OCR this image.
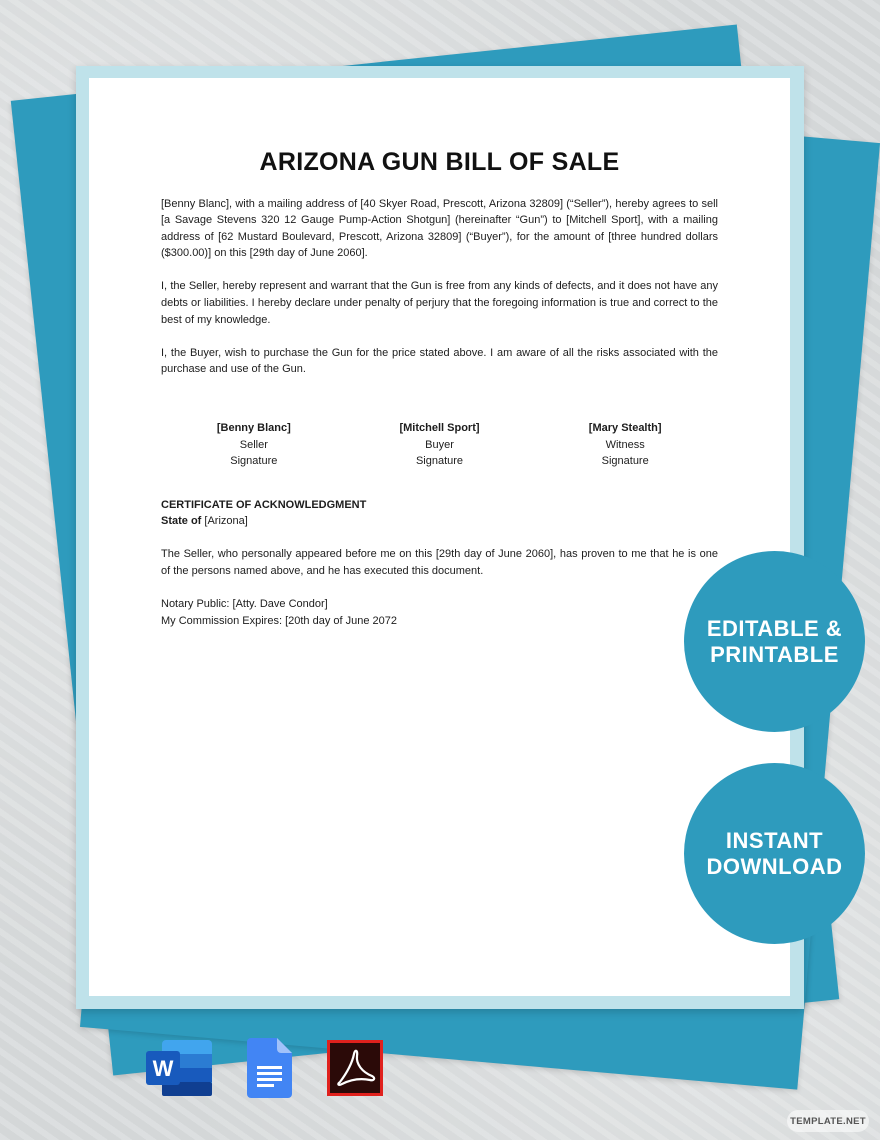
ARIZONA GUN BILL OF SALE

[Benny Blanc], with a mailing address of [40 Skyer Road, Prescott, Arizona 32809] (“Seller”), hereby agrees to sell [a Savage Stevens 320 12 Gauge Pump-Action Shotgun] (hereinafter “Gun”) to [Mitchell Sport], with a mailing address of [62 Mustard Boulevard, Prescott, Arizona 32809] (“Buyer”), for the amount of [three hundred dollars ($300.00)] on this [29th day of June 2060].

I, the Seller, hereby represent and warrant that the Gun is free from any kinds of defects, and it does not have any debts or liabilities. I hereby declare under penalty of perjury that the foregoing information is true and correct to the best of my knowledge.

I, the Buyer, wish to purchase the Gun for the price stated above. I am aware of all the risks associated with the purchase and use of the Gun.

[Benny Blanc]
Seller
Signature
[Mitchell Sport]
Buyer
Signature
[Mary Stealth]
Witness
Signature
CERTIFICATE OF ACKNOWLEDGMENT
State of [Arizona]

The Seller, who personally appeared before me on this [29th day of June 2060], has proven to me that he is one of the persons named above, and he has executed this document.

Notary Public: [Atty. Dave Condor]
My Commission Expires: [20th day of June 2072	EDITABLE &
PRINTABLE
INSTANT
DOWNLOAD
W
TEMPLATE.NET
